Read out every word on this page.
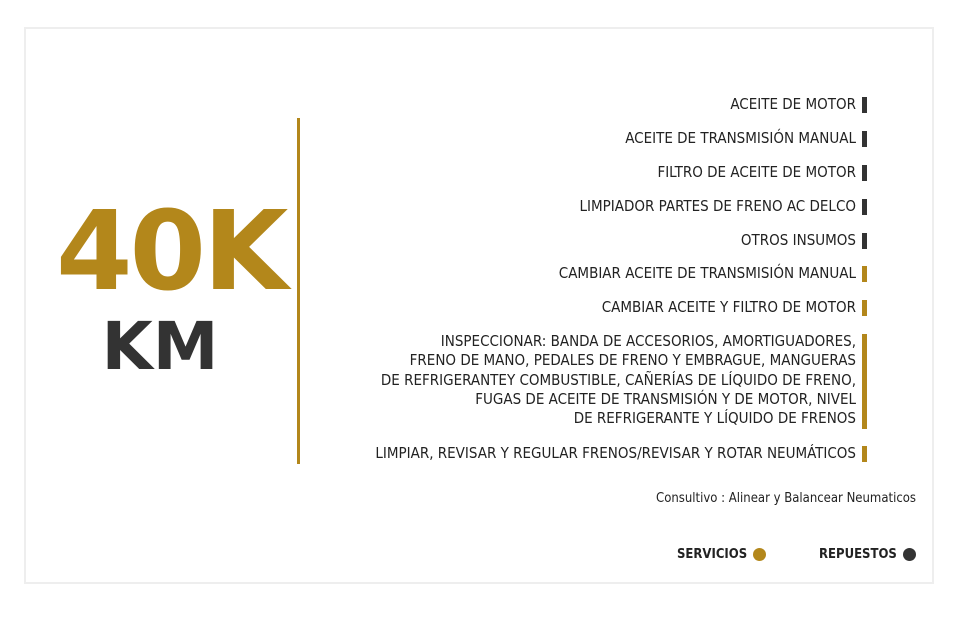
40K
KM
ACEITE DE MOTOR
ACEITE DE TRANSMISIÓN MANUAL
FILTRO DE ACEITE DE MOTOR
LIMPIADOR PARTES DE FRENO AC DELCO
OTROS INSUMOS
CAMBIAR ACEITE DE TRANSMISIÓN MANUAL
CAMBIAR ACEITE Y FILTRO DE MOTOR
INSPECCIONAR: BANDA DE ACCESORIOS, AMORTIGUADORES,
FRENO DE MANO, PEDALES DE FRENO Y EMBRAGUE, MANGUERAS
DE REFRIGERANTEY COMBUSTIBLE, CAÑERÍAS DE LÍQUIDO DE FRENO,
FUGAS DE ACEITE DE TRANSMISIÓN Y DE MOTOR, NIVEL
DE REFRIGERANTE Y LÍQUIDO DE FRENOS
LIMPIAR, REVISAR Y REGULAR FRENOS/REVISAR Y ROTAR NEUMÁTICOS
Consultivo : Alinear y Balancear Neumaticos
SERVICIOS	REPUESTOS
